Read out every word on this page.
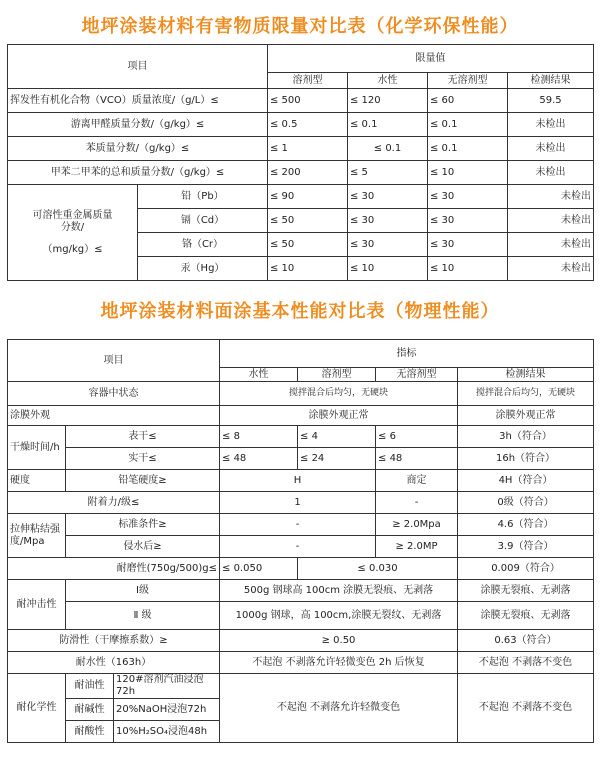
地坪涂装材料有害物质限量对比表（化学环保性能）
项目		限量值			
		溶剂型	水性	无溶剂型	检测结果
挥发性有机化合物（VCO）质量浓度/（g/L）≤		≤ 500	≤ 120	≤ 60	59.5
游离甲醛质量分数/（g/kg）≤		≤ 0.5	≤ 0.1	≤ 0.1	未检出
苯质量分数/（g/kg）≤		≤ 1	≤ 0.1	≤ 0.1	未检出
甲苯二甲苯的总和质量分数/（g/kg）≤		≤ 200	≤ 5	≤ 10	未检出

可溶性重金属质量
分数/
（mg/kg）≤	铅（Pb）	≤ 90	≤ 30	≤ 30	未检出
	镉（Cd）	≤ 50	≤ 30	≤ 30	未检出
	铬（Cr）	≤ 50	≤ 30	≤ 30	未检出
	汞（Hg）	≤ 10	≤ 10	≤ 10	未检出
地坪涂装材料面涂基本性能对比表（物理性能）
项目			指标			
			水性	溶剂型	无溶剂型	检测结果
容器中状态			搅拌混合后均匀，无硬块			搅拌混合后均匀，无硬块
涂膜外观			涂膜外观正常			涂膜外观正常
干燥时间/h	表干≤		≤ 8	≤ 4	≤ 6	3h（符合）
	实干≤		≤ 48	≤ 24	≤ 48	16h（符合）
硬度	铅笔硬度≥		H		商定	4H（符合）
附着力/级≤			1		-	0级（符合）

拉伸粘结强
度/Mpa	标准条件≥		-		≥ 2.0Mpa	4.6（符合）
	侵水后≥		-		≥ 2.0MP	3.9（符合）
耐磨性(750g/500)g≤			≤ 0.050	≤ 0.030		0.009（符合）
耐冲击性	Ⅰ级		500g 钢球高 100cm 涂膜无裂痕、无剥落			涂膜无裂痕、无剥落
	Ⅱ 级		1000g 钢球，高 100cm,涂膜无裂纹、无剥落			涂膜无裂痕、无剥落
防滑性（干摩擦系数）≥			≥ 0.50			0.63（符合）
耐水性（163h）			不起泡 不剥落允许轻微变色 2h 后恢复			不起泡 不剥落不变色
耐化学性	耐油性	120#溶剂汽油浸泡72h	不起泡 不剥落允许轻微变色			不起泡 不剥落不变色
	耐碱性	20%NaOH浸泡72h				
	耐酸性	10%H₂SO₄浸泡48h				
